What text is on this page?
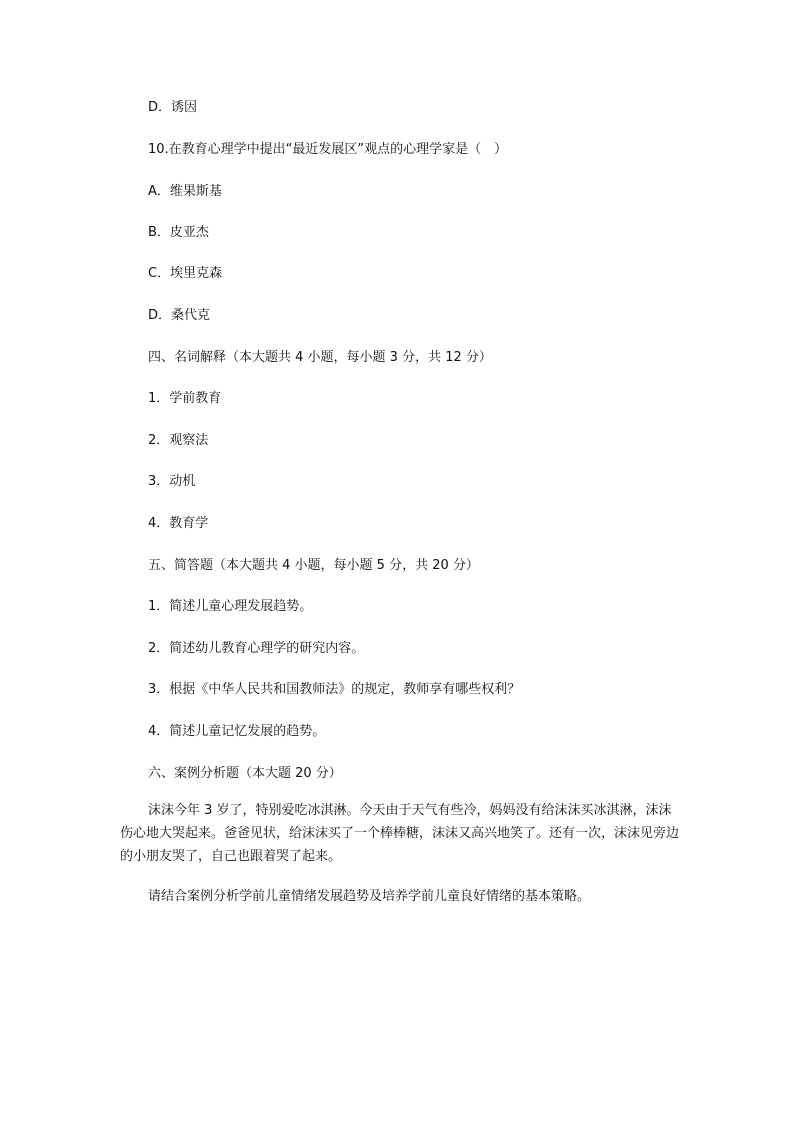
D．诱因
10.在教育心理学中提出“最近发展区”观点的心理学家是（　）
A．维果斯基
B．皮亚杰
C．埃里克森
D．桑代克
四、名词解释（本大题共 4 小题，每小题 3 分，共 12 分）
1．学前教育
2．观察法
3．动机
4．教育学
五、简答题（本大题共 4 小题，每小题 5 分，共 20 分）
1．简述儿童心理发展趋势。
2．简述幼儿教育心理学的研究内容。
3．根据《中华人民共和国教师法》的规定，教师享有哪些权利？
4．简述儿童记忆发展的趋势。
六、案例分析题（本大题 20 分）
沫沫今年 3 岁了，特别爱吃冰淇淋。今天由于天气有些冷，妈妈没有给沫沫买冰淇淋，沫沫伤心地大哭起来。爸爸见状，给沫沫买了一个棒棒糖，沫沫又高兴地笑了。还有一次，沫沫见旁边的小朋友哭了，自己也跟着哭了起来。
请结合案例分析学前儿童情绪发展趋势及培养学前儿童良好情绪的基本策略。
